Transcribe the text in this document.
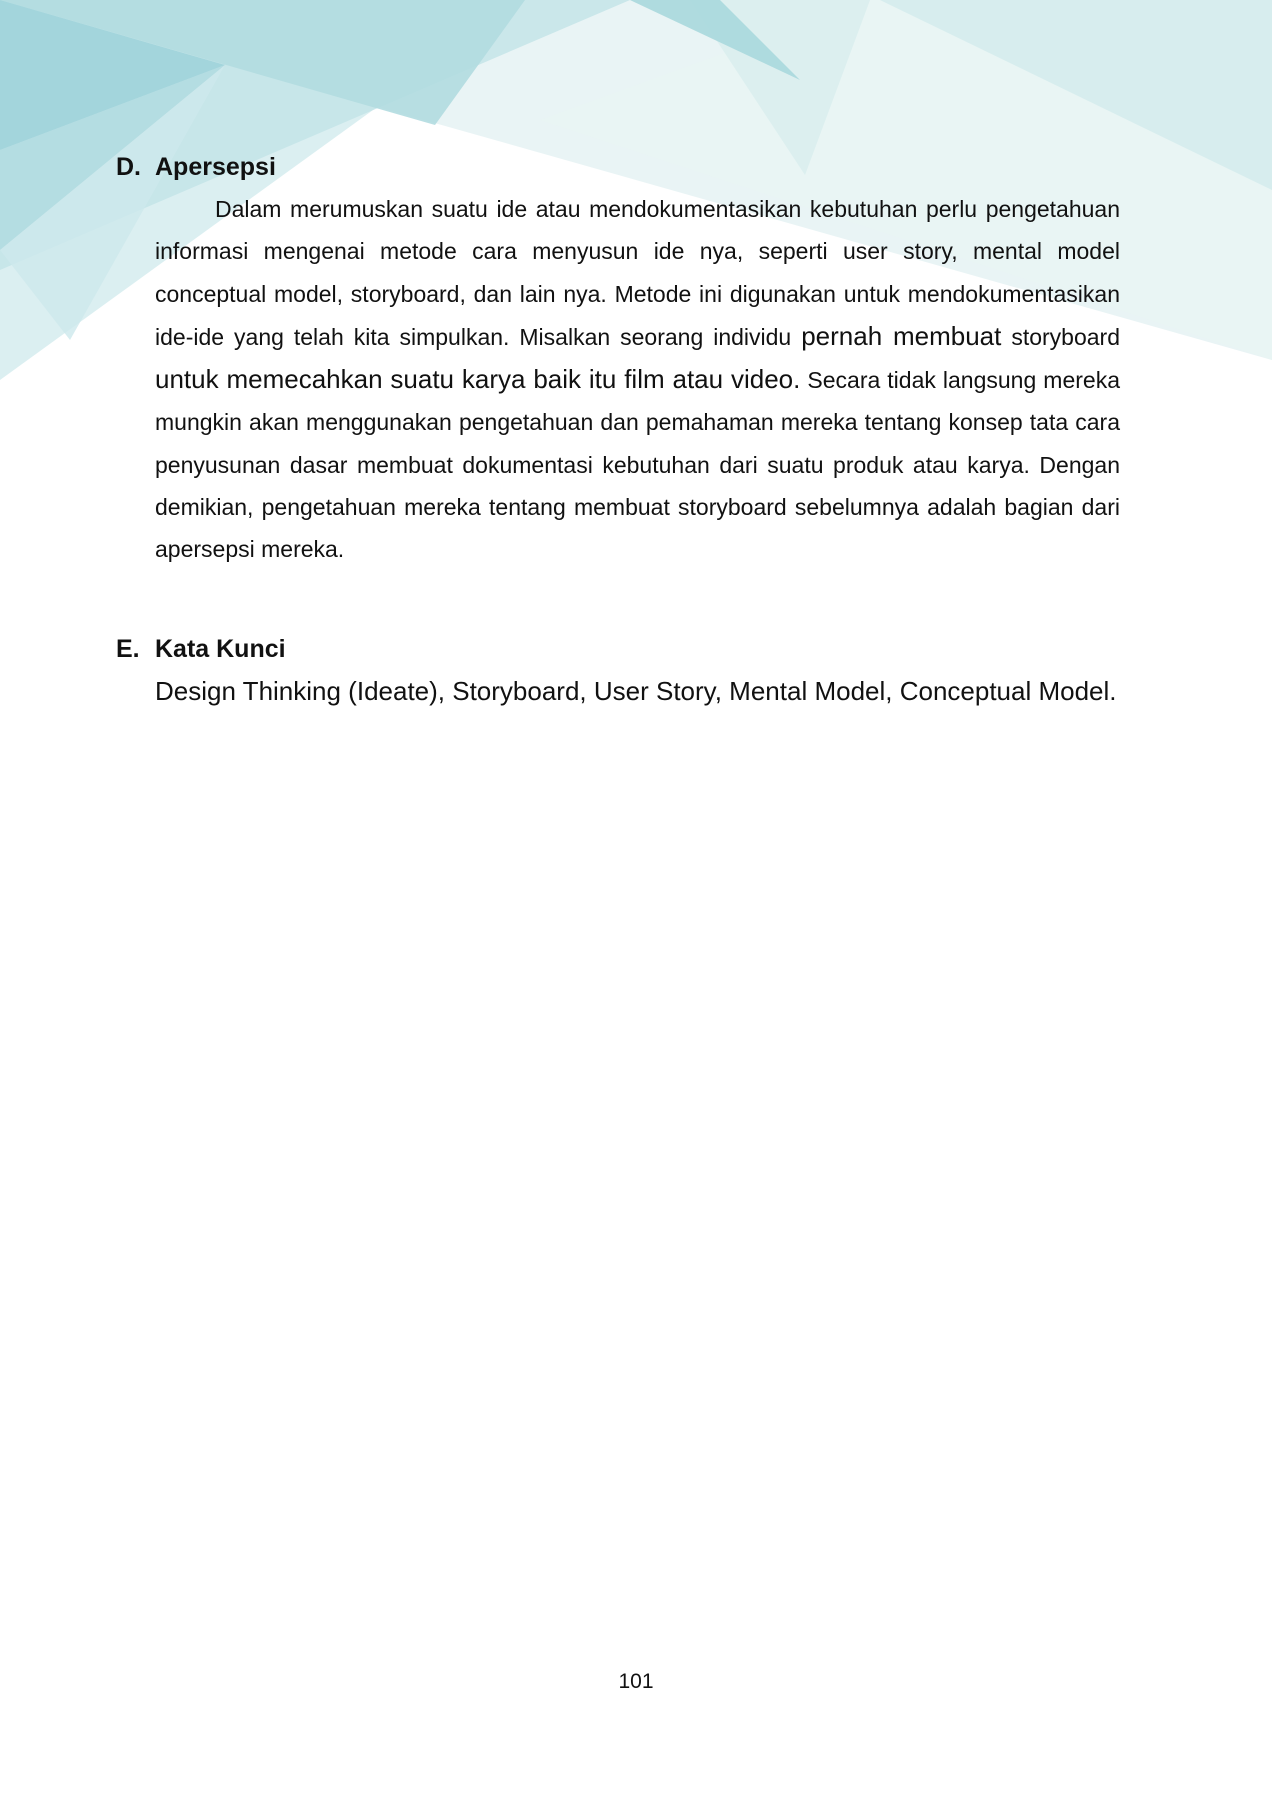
D. Apersepsi

Dalam merumuskan suatu ide atau mendokumentasikan kebutuhan perlu pengetahuan informasi mengenai metode cara menyusun ide nya, seperti user story, mental model conceptual model, storyboard, dan lain nya. Metode ini digunakan untuk mendokumentasikan ide-ide yang telah kita simpulkan. Misalkan seorang individu pernah membuat storyboard untuk memecahkan suatu karya baik itu film atau video. Secara tidak langsung mereka mungkin akan menggunakan pengetahuan dan pemahaman mereka tentang konsep tata cara penyusunan dasar membuat dokumentasi kebutuhan dari suatu produk atau karya. Dengan demikian, pengetahuan mereka tentang membuat storyboard sebelumnya adalah bagian dari apersepsi mereka.

E. Kata Kunci
Design Thinking (Ideate), Storyboard, User Story, Mental Model, Conceptual Model.
101
